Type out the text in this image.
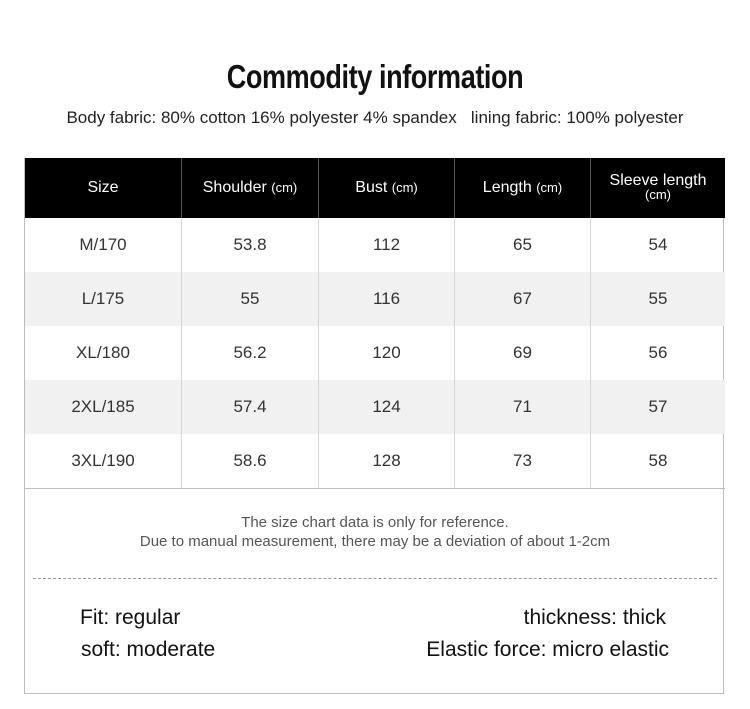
Commodity information
Body fabric: 80% cotton 16% polyester 4% spandex   lining fabric: 100% polyester
Size	Shoulder (cm)	Bust (cm)	Length (cm)	Sleeve length
(cm)
M/170	53.8	112	65	54
L/175	55	116	67	55
XL/180	56.2	120	69	56
2XL/185	57.4	124	71	57
3XL/190	58.6	128	73	58
The size chart data is only for reference.
Due to manual measurement, there may be a deviation of about 1-2cm
Fit: regular	thickness: thick
soft: moderate	Elastic force: micro elastic
